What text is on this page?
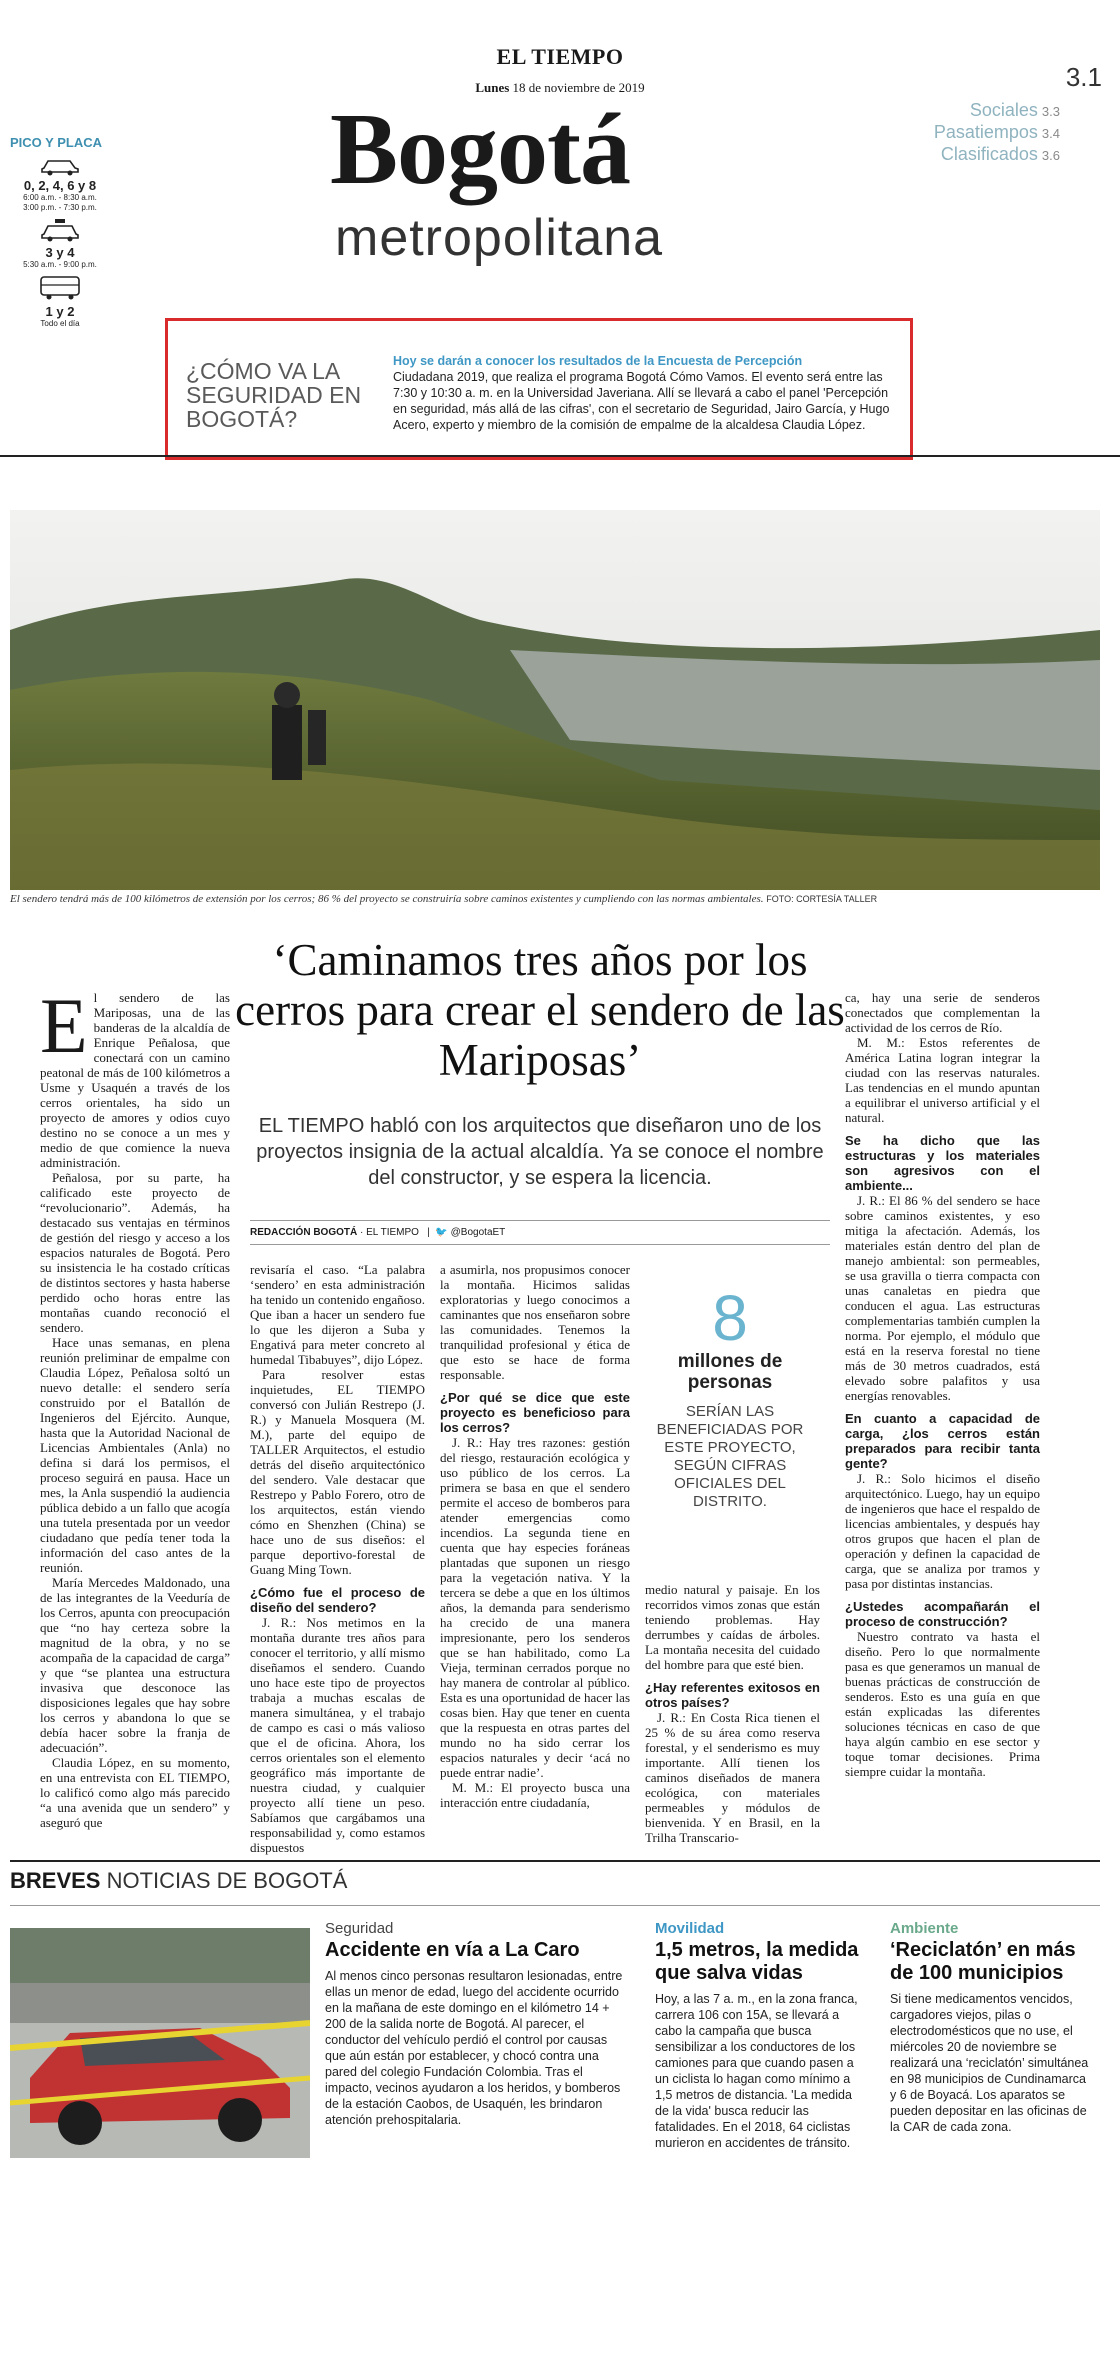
EL TIEMPO
Lunes 18 de noviembre de 2019	3.1
Sociales 3.3
Pasatiempos 3.4
Clasificados 3.6
Bogotá
metropolitana
PICO Y PLACA
0, 2, 4, 6 y 8
6:00 a.m. - 8:30 a.m.
3:00 p.m. - 7:30 p.m.
3 y 4
5:30 a.m. - 9:00 p.m.
1 y 2
Todo el día
¿CÓMO VA LA SEGURIDAD EN BOGOTÁ?
Hoy se darán a conocer los resultados de la Encuesta de Percepción
Ciudadana 2019, que realiza el programa Bogotá Cómo Vamos. El evento será entre las 7:30 y 10:30 a. m. en la Universidad Javeriana. Allí se llevará a cabo el panel 'Percepción en seguridad, más allá de las cifras', con el secretario de Seguridad, Jairo García, y Hugo Acero, experto y miembro de la comisión de empalme de la alcaldesa Claudia López.
El sendero tendrá más de 100 kilómetros de extensión por los cerros; 86 % del proyecto se construiría sobre caminos existentes y cumpliendo con las normas ambientales. FOTO: CORTESÍA TALLER
‘Caminamos tres años por los cerros para crear el sendero de las Mariposas’
EL TIEMPO habló con los arquitectos que diseñaron uno de los proyectos insignia de la actual alcaldía. Ya se conoce el nombre del constructor, y se espera la licencia.
REDACCIÓN BOGOTÁ · EL TIEMPO   |  🐦 @BogotaET

El sendero de las Mariposas, una de las banderas de la alcaldía de Enrique Peñalosa, que conectará con un camino peatonal de más de 100 kilómetros a Usme y Usaquén a través de los cerros orientales, ha sido un proyecto de amores y odios cuyo destino no se conoce a un mes y medio de que comience la nueva administración.

Peñalosa, por su parte, ha calificado este proyecto de “revolucionario”. Además, ha destacado sus ventajas en términos de gestión del riesgo y acceso a los espacios naturales de Bogotá. Pero su insistencia le ha costado críticas de distintos sectores y hasta haberse perdido ocho horas entre las montañas cuando reconoció el sendero.

Hace unas semanas, en plena reunión preliminar de empalme con Claudia López, Peñalosa soltó un nuevo detalle: el sendero sería construido por el Batallón de Ingenieros del Ejército. Aunque, hasta que la Autoridad Nacional de Licencias Ambientales (Anla) no defina si dará los permisos, el proceso seguirá en pausa. Hace un mes, la Anla suspendió la audiencia pública debido a un fallo que acogía una tutela presentada por un veedor ciudadano que pedía tener toda la información del caso antes de la reunión.

María Mercedes Maldonado, una de las integrantes de la Veeduría de los Cerros, apunta con preocupación que “no hay certeza sobre la magnitud de la obra, y no se acompaña de la capacidad de carga” y que “se plantea una estructura invasiva que desconoce las disposiciones legales que hay sobre los cerros y abandona lo que se debía hacer sobre la franja de adecuación”.

Claudia López, en su momento, en una entrevista con EL TIEMPO, lo calificó como algo más parecido “a una avenida que un sendero” y aseguró que

revisaría el caso. “La palabra ‘sendero’ en esta administración ha tenido un contenido engañoso. Que iban a hacer un sendero fue lo que les dijeron a Suba y Engativá para meter concreto al humedal Tibabuyes”, dijo López.

Para resolver estas inquietudes, EL TIEMPO conversó con Julián Restrepo (J. R.) y Manuela Mosquera (M. M.), parte del equipo de TALLER Arquitectos, el estudio detrás del diseño arquitectónico del sendero. Vale destacar que Restrepo y Pablo Forero, otro de los arquitectos, están viendo cómo en Shenzhen (China) se hace uno de sus diseños: el parque deportivo-forestal de Guang Ming Town.

¿Cómo fue el proceso de diseño del sendero?

J. R.: Nos metimos en la montaña durante tres años para conocer el territorio, y allí mismo diseñamos el sendero. Cuando uno hace este tipo de proyectos trabaja a muchas escalas de manera simultánea, y el trabajo de campo es casi o más valioso que el de oficina. Ahora, los cerros orientales son el elemento geográfico más importante de nuestra ciudad, y cualquier proyecto allí tiene un peso. Sabíamos que cargábamos una responsabilidad y, como estamos dispuestos

a asumirla, nos propusimos conocer la montaña. Hicimos salidas exploratorias y luego conocimos a caminantes que nos enseñaron sobre las comunidades. Tenemos la tranquilidad profesional y ética de que esto se hace de forma responsable.

¿Por qué se dice que este proyecto es beneficioso para los cerros?

J. R.: Hay tres razones: gestión del riesgo, restauración ecológica y uso público de los cerros. La primera se basa en que el sendero permite el acceso de bomberos para atender emergencias como incendios. La segunda tiene en cuenta que hay especies foráneas plantadas que suponen un riesgo para la vegetación nativa. Y la tercera se debe a que en los últimos años, la demanda para senderismo ha crecido de una manera impresionante, pero los senderos que se han habilitado, como La Vieja, terminan cerrados porque no hay manera de controlar al público. Esta es una oportunidad de hacer las cosas bien. Hay que tener en cuenta que la respuesta en otras partes del mundo no ha sido cerrar los espacios naturales y decir ‘acá no puede entrar nadie’.

M. M.: El proyecto busca una interacción entre ciudadanía,

8
millones de personas
SERÍAN LAS BENEFICIADAS POR ESTE PROYECTO, SEGÚN CIFRAS OFICIALES DEL DISTRITO.

medio natural y paisaje. En los recorridos vimos zonas que están teniendo problemas. Hay derrumbes y caídas de árboles. La montaña necesita del cuidado del hombre para que esté bien.

¿Hay referentes exitosos en otros países?

J. R.: En Costa Rica tienen el 25 % de su área como reserva forestal, y el senderismo es muy importante. Allí tienen los caminos diseñados de manera ecológica, con materiales permeables y módulos de bienvenida. Y en Brasil, en la Trilha Transcario-

ca, hay una serie de senderos conectados que complementan la actividad de los cerros de Río.

M. M.: Estos referentes de América Latina logran integrar la ciudad con las reservas naturales. Las tendencias en el mundo apuntan a equilibrar el universo artificial y el natural.

Se ha dicho que las estructuras y los materiales son agresivos con el ambiente...

J. R.: El 86 % del sendero se hace sobre caminos existentes, y eso mitiga la afectación. Además, los materiales están dentro del plan de manejo ambiental: son permeables, se usa gravilla o tierra compacta con unas canaletas en piedra que conducen el agua. Las estructuras complementarias también cumplen la norma. Por ejemplo, el módulo que está en la reserva forestal no tiene más de 30 metros cuadrados, está elevado sobre palafitos y usa energías renovables.

En cuanto a capacidad de carga, ¿los cerros están preparados para recibir tanta gente?

J. R.: Solo hicimos el diseño arquitectónico. Luego, hay un equipo de ingenieros que hace el respaldo de licencias ambientales, y después hay otros grupos que hacen el plan de operación y definen la capacidad de carga, que se analiza por tramos y pasa por distintas instancias.

¿Ustedes acompañarán el proceso de construcción?

Nuestro contrato va hasta el diseño. Pero lo que normalmente pasa es que generamos un manual de buenas prácticas de construcción de senderos. Esto es una guía en que están explicadas las diferentes soluciones técnicas en caso de que haya algún cambio en ese sector y toque tomar decisiones. Prima siempre cuidar la montaña.

BREVES NOTICIAS DE BOGOTÁ
Seguridad
Accidente en vía a La Caro
Al menos cinco personas resultaron lesionadas, entre ellas un menor de edad, luego del accidente ocurrido en la mañana de este domingo en el kilómetro 14 + 200 de la salida norte de Bogotá. Al parecer, el conductor del vehículo perdió el control por causas que aún están por establecer, y chocó contra una pared del colegio Fundación Colombia. Tras el impacto, vecinos ayudaron a los heridos, y bomberos de la estación Caobos, de Usaquén, les brindaron atención prehospitalaria.
Movilidad
1,5 metros, la medida que salva vidas
Hoy, a las 7 a. m., en la zona franca, carrera 106 con 15A, se llevará a cabo la campaña que busca sensibilizar a los conductores de los camiones para que cuando pasen a un ciclista lo hagan como mínimo a 1,5 metros de distancia. 'La medida de la vida' busca reducir las fatalidades. En el 2018, 64 ciclistas murieron en accidentes de tránsito.
Ambiente
‘Reciclatón’ en más de 100 municipios
Si tiene medicamentos vencidos, cargadores viejos, pilas o electrodomésticos que no use, el miércoles 20 de noviembre se realizará una ‘reciclatón’ simultánea en 98 municipios de Cundinamarca y 6 de Boyacá. Los aparatos se pueden depositar en las oficinas de la CAR de cada zona.
